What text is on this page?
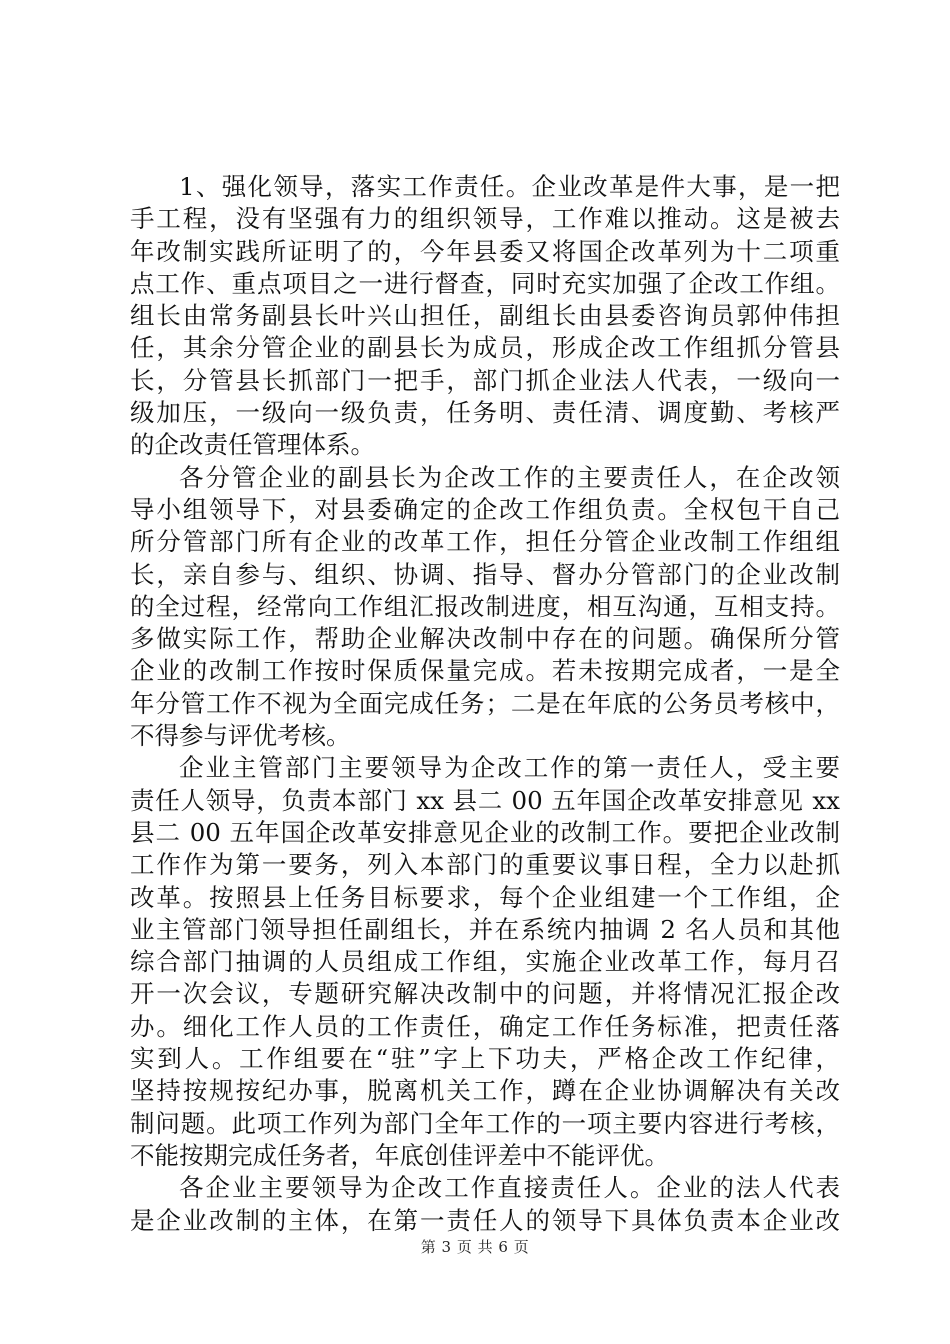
1、强化领导，落实工作责任。企业改革是件大事，是一把
手工程，没有坚强有力的组织领导，工作难以推动。这是被去
年改制实践所证明了的，今年县委又将国企改革列为十二项重
点工作、重点项目之一进行督查，同时充实加强了企改工作组。
组长由常务副县长叶兴山担任，副组长由县委咨询员郭仲伟担
任，其余分管企业的副县长为成员，形成企改工作组抓分管县
长，分管县长抓部门一把手，部门抓企业法人代表，一级向一
级加压，一级向一级负责，任务明、责任清、调度勤、考核严
的企改责任管理体系。
各分管企业的副县长为企改工作的主要责任人，在企改领
导小组领导下，对县委确定的企改工作组负责。全权包干自己
所分管部门所有企业的改革工作，担任分管企业改制工作组组
长，亲自参与、组织、协调、指导、督办分管部门的企业改制
的全过程，经常向工作组汇报改制进度，相互沟通，互相支持。
多做实际工作，帮助企业解决改制中存在的问题。确保所分管
企业的改制工作按时保质保量完成。若未按期完成者，一是全
年分管工作不视为全面完成任务；二是在年底的公务员考核中，
不得参与评优考核。
企业主管部门主要领导为企改工作的第一责任人，受主要
责任人领导，负责本部门 xx 县二 00 五年国企改革安排意见 xx
县二 00 五年国企改革安排意见企业的改制工作。要把企业改制
工作作为第一要务，列入本部门的重要议事日程，全力以赴抓
改革。按照县上任务目标要求，每个企业组建一个工作组，企
业主管部门领导担任副组长，并在系统内抽调 2 名人员和其他
综合部门抽调的人员组成工作组，实施企业改革工作，每月召
开一次会议，专题研究解决改制中的问题，并将情况汇报企改
办。细化工作人员的工作责任，确定工作任务标准，把责任落
实到人。工作组要在“驻”字上下功夫，严格企改工作纪律，
坚持按规按纪办事，脱离机关工作，蹲在企业协调解决有关改
制问题。此项工作列为部门全年工作的一项主要内容进行考核，
不能按期完成任务者，年底创佳评差中不能评优。
各企业主要领导为企改工作直接责任人。企业的法人代表
是企业改制的主体，在第一责任人的领导下具体负责本企业改
第 3 页 共 6 页
